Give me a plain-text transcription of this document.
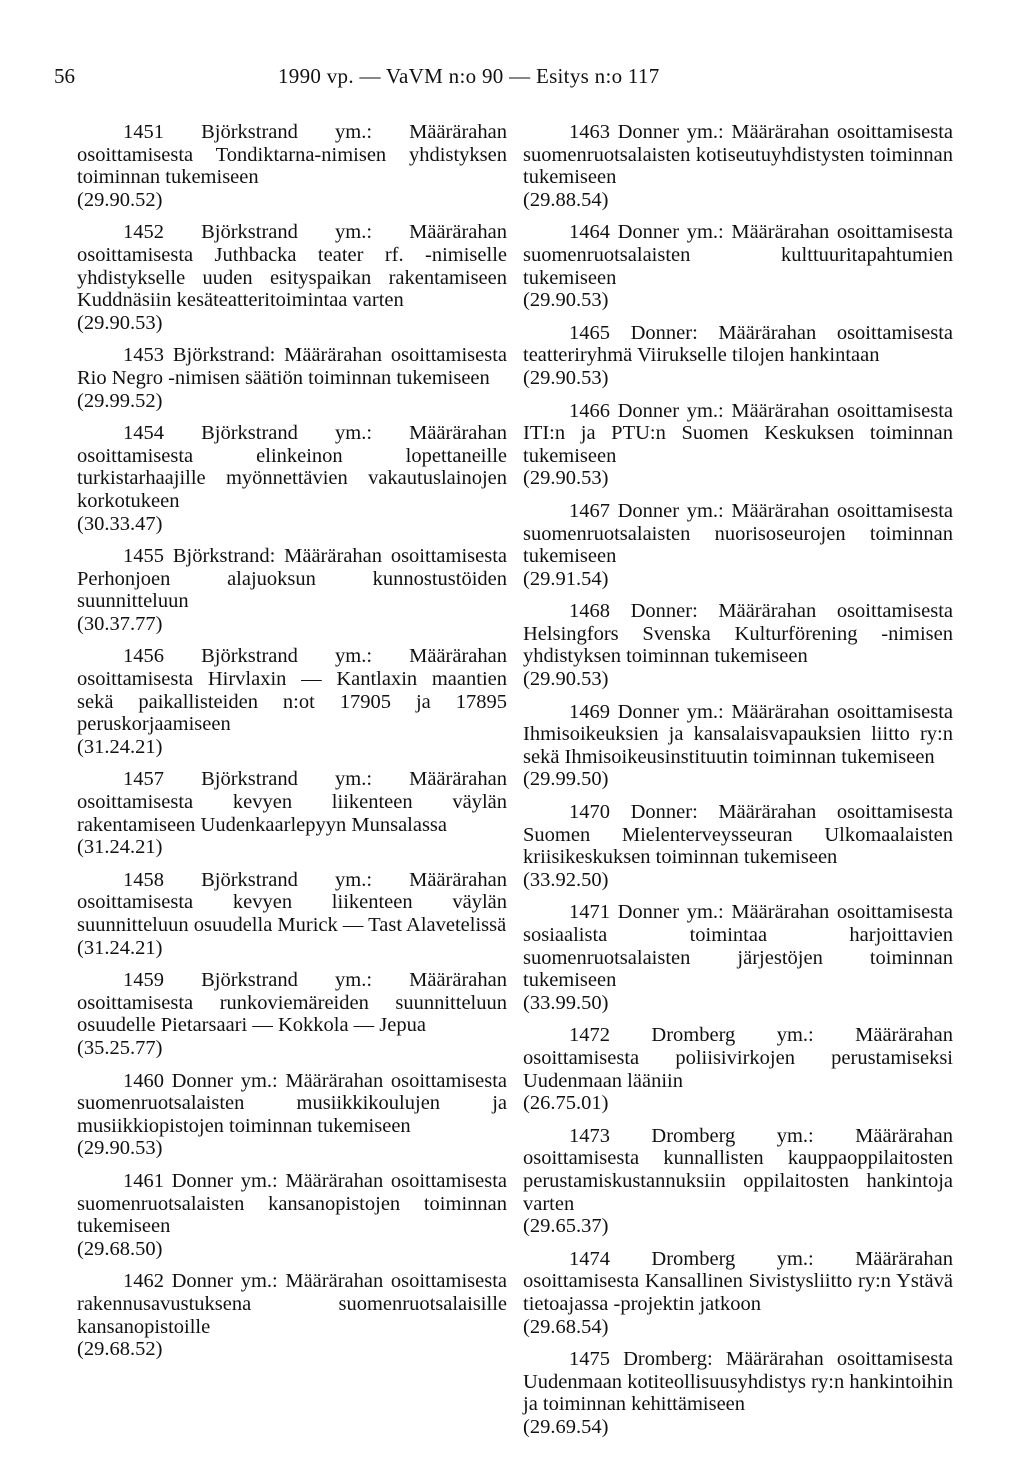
56	1990 vp. — VaVM n:o 90 — Esitys n:o 117

1451 Björkstrand ym.: Määrärahan osoittamisesta Tondiktarna-nimisen yhdistyksen toiminnan tukemiseen

(29.90.52)

1452 Björkstrand ym.: Määrärahan osoittamisesta Juthbacka teater rf. -nimiselle yhdistykselle uuden esityspaikan rakentamiseen Kuddnäsiin kesäteatteritoimintaa varten

(29.90.53)

1453 Björkstrand: Määrärahan osoittamisesta Rio Negro -nimisen säätiön toiminnan tukemiseen

(29.99.52)

1454 Björkstrand ym.: Määrärahan osoittamisesta elinkeinon lopettaneille turkistarhaajille myönnettävien vakautuslainojen korkotukeen

(30.33.47)

1455 Björkstrand: Määrärahan osoittamisesta Perhonjoen alajuoksun kunnostustöiden suunnitteluun

(30.37.77)

1456 Björkstrand ym.: Määrärahan osoittamisesta Hirvlaxin — Kantlaxin maantien sekä paikallisteiden n:ot 17905 ja 17895 peruskorjaamiseen

(31.24.21)

1457 Björkstrand ym.: Määrärahan osoittamisesta kevyen liikenteen väylän rakentamiseen Uudenkaarlepyyn Munsalassa

(31.24.21)

1458 Björkstrand ym.: Määrärahan osoittamisesta kevyen liikenteen väylän suunnitteluun osuudella Murick — Tast Alavetelissä

(31.24.21)

1459 Björkstrand ym.: Määrärahan osoittamisesta runkoviemäreiden suunnitteluun osuudelle Pietarsaari — Kokkola — Jepua

(35.25.77)

1460 Donner ym.: Määrärahan osoittamisesta suomenruotsalaisten musiikkikoulujen ja musiikkiopistojen toiminnan tukemiseen

(29.90.53)

1461 Donner ym.: Määrärahan osoittamisesta suomenruotsalaisten kansanopistojen toiminnan tukemiseen

(29.68.50)

1462 Donner ym.: Määrärahan osoittamisesta rakennusavustuksena suomenruotsalaisille kansanopistoille

(29.68.52)

1463 Donner ym.: Määrärahan osoittamisesta suomenruotsalaisten kotiseutuyhdistysten toiminnan tukemiseen

(29.88.54)

1464 Donner ym.: Määrärahan osoittamisesta suomenruotsalaisten kulttuuritapahtumien tukemiseen

(29.90.53)

1465 Donner: Määrärahan osoittamisesta teatteriryhmä Viirukselle tilojen hankintaan

(29.90.53)

1466 Donner ym.: Määrärahan osoittamisesta ITI:n ja PTU:n Suomen Keskuksen toiminnan tukemiseen

(29.90.53)

1467 Donner ym.: Määrärahan osoittamisesta suomenruotsalaisten nuorisoseurojen toiminnan tukemiseen

(29.91.54)

1468 Donner: Määrärahan osoittamisesta Helsingfors Svenska Kulturförening -nimisen yhdistyksen toiminnan tukemiseen

(29.90.53)

1469 Donner ym.: Määrärahan osoittamisesta Ihmisoikeuksien ja kansalaisvapauksien liitto ry:n sekä Ihmisoikeusinstituutin toiminnan tukemiseen

(29.99.50)

1470 Donner: Määrärahan osoittamisesta Suomen Mielenterveysseuran Ulkomaalaisten kriisikeskuksen toiminnan tukemiseen

(33.92.50)

1471 Donner ym.: Määrärahan osoittamisesta sosiaalista toimintaa harjoittavien suomenruotsalaisten järjestöjen toiminnan tukemiseen

(33.99.50)

1472 Dromberg ym.: Määrärahan osoittamisesta poliisivirkojen perustamiseksi Uudenmaan lääniin

(26.75.01)

1473 Dromberg ym.: Määrärahan osoittamisesta kunnallisten kauppaoppilaitosten perustamiskustannuksiin oppilaitosten hankintoja varten

(29.65.37)

1474 Dromberg ym.: Määrärahan osoittamisesta Kansallinen Sivistysliitto ry:n Ystävä tietoajassa -projektin jatkoon

(29.68.54)

1475 Dromberg: Määrärahan osoittamisesta Uudenmaan kotiteollisuusyhdistys ry:n hankintoihin ja toiminnan kehittämiseen

(29.69.54)
